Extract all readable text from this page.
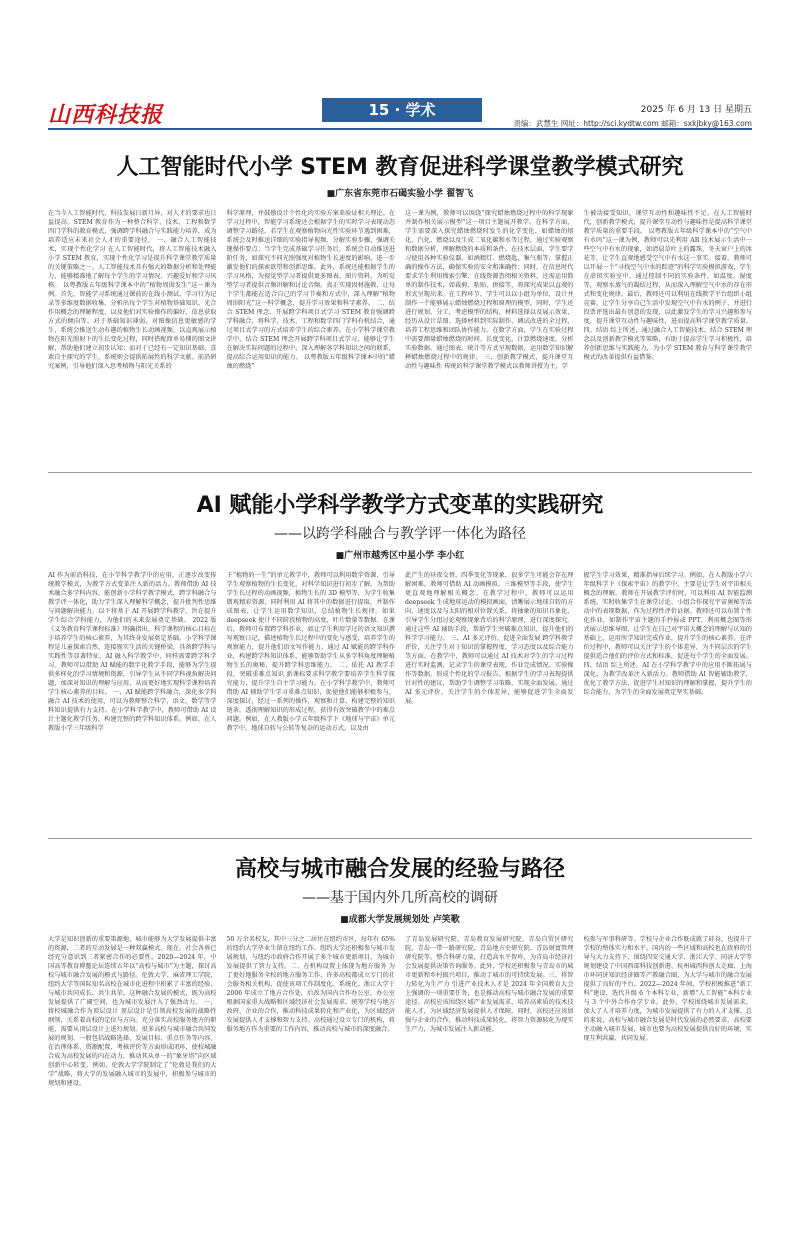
山西科技报	15 · 学术	2025 年 6 月 13 日 星期五
责编：武慧生 网址：http://sci.kydtw.com 邮箱：sxkjbky@163.com
人工智能时代小学 STEM 教育促进科学课堂教学模式研究
■广东省东莞市石碣实验小学 翟智飞
在当今人工智能时代，科技发展日新月异，对人才的要求也日益提高。STEM 教育作为一种整合科学、技术、工程和数学四门学科的教育模式，强调跨学科融合与实践能力培养，成为培养适应未来社会人才的重要途径。 一、融合人工智能技术，实现个性化学习 在人工智能时代，将人工智能技术融入小学 STEM 教育，实现个性化学习是提升科学课堂教学质量的关键策略之一。人工智能技术具有强大的数据分析和处理能力，能够精准地了解每个学生的学习情况、兴趣爱好和学习风格。 以粤教版五年级科学课本中的“植物周围发生”这一课为例。首先，智能学习系统通过课前的在线小测试、学习行为记录等多维度数据收集，分析出每个学生对植物基础知识、光合作用概念的理解程度，以及他们对实验操作的偏好、信息获取方式的倾向等。对于基础知识薄弱、对图像信息更敏感的学生，系统会推送生动有趣的植物生长动画视频，以直观展示植物在阳光照射下的生长变化过程，同时搭配简单易懂的图文讲解，帮助他们建立初步认知；而对于已经有一定知识基础、喜欢自主探究的学生，系统则会提供拓展性的科学文献、前沿研究案例，引导他们深入思考植物与阳光关系的
科学原理，并鼓励设计个性化的实验方案来验证相关理论。在学习过程中，智能学习系统还会根据学生的实时学习表现动态调整学习路径。若学生在观察植物向光性实验环节遇到困难，系统会及时推送详细的实验指导视频、分解实验步骤，强调关键操作要点；当学生完成基础学习任务后，系统会自动推送进阶任务，如探究不同光照强度对植物生长速度的影响，进一步激发他们的探索欲望和创新思维。此外，系统还能根据学生的学习风格，为视觉型学习者提供更多图表、图片资料，为听觉型学习者提供音频讲解和讨论音频。真正实现因材施教，让每个学生都能在适合自己的学习节奏和方式中，深入理解“植物周围阳光”这一科学概念，提升学习效果和科学素养。 二、结合 STEM 理念，开展跨学科项目式学习 STEM 教育强调跨学科融合，将科学、技术、工程和数学四门学科有机结合，通过项目式学习的方式培养学生的综合素养。在小学科学课堂教学中，结合 STEM 理念开展跨学科项目式学习，能够让学生在解决实际问题的过程中，深入理解各学科知识之间的联系，提高综合运用知识的能力。 以粤教版五年级科学课本中的“蜡烛的燃烧”
这一课为例，教师可以围绕“探究蜡烛燃烧过程中的科学现象并制作相关展示模型”这一项目主题展开教学。在科学方面，学生需要深入探究蜡烛燃烧时发生的化学变化，如蜡烛的熔化、汽化、燃烧以及生成二氧化碳和水等过程，通过实验观察和数据分析，理解燃烧的本质和条件。在技术层面，学生要学习使用各种实验仪器，如酒精灯、燃烧匙、集气瓶等，掌握正确的操作方法，确保实验的安全和准确性；同时，在信息时代要求学生利用搜索引擎、在线资源查阅相关资料，还需运用简单的制作技术，如裁剪、粘贴、拼接等，将探究成果以直观的形式呈现出来。在工程环节，学生可以以小组为单位，设计并制作一个能够展示蜡烛燃烧过程和原理的模型。同时，学生还进行规划、分工，考虑模型的结构、材料选择以及展示效果，经历从设计草图、选择材料到实际制作、调试改进的全过程，培养工程思维和团队协作能力。在数学方面，学生在实验过程中需要测量蜡烛燃烧的时间、长度变化，计算燃烧速度，分析实验数据，通过图表、统计等方式呈现数据，运用数学知识解释蜡烛燃烧过程中的规律。 三、创新教学模式，提升课堂互动性与趣味性 传统的科学课堂教学模式以教师讲授为主，学
生被动接受知识，课堂互动性和趣味性不足。在人工智能时代，创新教学模式，提升课堂互动性与趣味性是提高科学课堂教学质量的重要手段。 以粤教版五年级科学课本中的“空气中有水吗”这一课为例，教师可以先利用 AR 技术展示生活中一些空气中有水的现象，如清晨草叶上的露珠、冬天窗户上的冰花等，让学生直观地感受空气中有水这一事实。接着，教师可以开展一个“寻找空气中水的踪迹”的科学实验模拟游戏，学生在虚拟实验室中，通过控制不同的实验条件，如温度、湿度等，观察水蒸气的凝结过程，从而深入理解空气中水的存在形式和变化规律。最后，教师还可以利用在线教学平台组织小组竞赛，让学生分享自己生活中发现空气中有水的例子，并进行投票评选出最有创意的发现，以此激发学生的学习兴趣和参与度，提升课堂互动性与趣味性，进而提高科学课堂教学质量。 四、结语 综上所述，通过融合人工智能技术、结合 STEM 理念以及创新教学模式等策略，有助于提高学生学习积极性，培养创新思维与实践能力，为小学 STEM 教育与科学课堂教学模式的改革提供有益借鉴。
AI 赋能小学科学教学方式变革的实践研究
——以跨学科融合与教学评一体化为路径
■广州市越秀区中星小学 李小红
AI 作为前沿科技，在小学科学教学中的应用，正逐步改变传统教学模式，为教学方式变革注入新的活力。教师借助 AI 技术融合多学科内容，能创新小学科学教学模式，跨学科融合与教学评一体化，助力学生深入理解科学概念，提升批判性思维与问题解决能力。以下将基于 AI 开展跨学科教学，旨在提升学生综合学科能力，为他们的未来发展奠定基础。 2022 版《义务教育科学课程标准》明确指出，科学课程的核心目标在于培养学生的核心素养，为其终身发展奠定基础。小学科学课程是儿童探索自然、连接现实生活的关键桥梁，具备跨学科与实践性等显著特征。AI 融入科学教学中，同样需要跨学科学习。教师可以借助 AI 赋能的数字化教学手段，能够为学生提供多样化的学习情境和资源，引导学生从不同学科视角解决问题，加深对知识的理解与应用，从而更好地实现科学课程培养学生核心素养的目标。 一、AI 赋能跨学科融合，深化多学科融合 AI 技术的使用，可以为教师整合科学、语文、数学等学科知识提供有力支持。在小学科学教学中，教师可借助 AI 设计主题化教学任务，构建完整的跨学科知识体系。例如，在人教版小学三年级科学
下“植物的一生”的单元教学中，教师可以利用数字资源，引导学生观察植物的生长变化，对科学知识进行初步了解。为帮助学生长过程的动画视频，植物生长的 3D 模型等，为学生收集微观精彩资源，同时利用 AI 将其中的数据进行提取，并制作成图表，让学生运用数学知识，总结植物生长规律。如果 deepseek 使计不同阶段植物的高度，叶片数量等数据。在课后，教师可布置跨学科作业，如让学生利用学过的语文知识撰写观察日记，描述植物生长过程中的变化与感受，培养学生的观察能力，提升他们语文写作能力。通过 AI 赋能的跨学科作业，构建跨学科知识体系，能够帮助学生从多学科角度理解植物生长的奥秘，提升跨学科思维能力。 二、依托 AI 教学手段，突破重难点知识 新课标要求科学教学要培养学生科学探究能力，提升学生自主学习能力。在小学科学教学中，教师可借助 AI 辅助学生学习重难点知识，促使他们能够积极参与，深度探讨，经过一系列的操作，观察和计算，构建完整的知识链条，透彻理解知识的形成过程，获得有效突破教学中的难点问题。例如，在人教版小学五年级科学下《地球与宇宙》单元教学中，地球自转与公转等复杂的运动方式，以及由
此产生的昼夜交替，四季变化等现象，很多学生可能会存在理解困难。教师可借助 AI 动画模拟、三维模型等手段，使学生更直观地理解相关概念。在教学过程中，教师可以运用 deepseek 生成地球运动的模拟画面，清晰展示地球自转的方向、速度以及与太阳的相对位置关系，将抽象的知识具象化，引导学生分组讨论观察现象背后的科学原理，进行深度探究。通过这些 AI 辅助手段，帮助学生突破难点知识，提升他们的科学学习能力。 三、AI 多元评价，促进全面发展 跨学科教学评价，关注学生对于知识的掌握程度、学习态度以及综合能力等方面。在教学中，教师可以通过 AI 技术对学生的学习过程进行实时监测，记录学生的课堂表现、作业完成情况、实验操作等数据，形成个性化的学习报告。根据学生的学习表现提供针对性的建议，帮助学生调整学习策略，实现全面发展。通过 AI 多元评价，关注学生的个体差异，能够促进学生全面发展。
握学生学习效果，精准指导后续学习。例如，在人教版小学六年级科学下《探索宇宙》的教学中，主要是让学生对宇宙相关概念的理解。教师在开展教学评价时，可以利用 AI 智能监测系统，实时收集学生在课堂讨论、小组合作探究宇宙奥秘等活动中的表现数据，作为过程性评价证据。教师还可以布置个性化作业，如制作宇宙主题的手抄报或 PPT，利用概念图等形式展示思维导图，让学生在自己对宇宙大概念的理解与认知的基础上，运用所学知识完成作业，提升学生的核心素养。在评价过程中，教师可以关注学生的个体差异，为不同层次的学生提供适合他们的评价方式和标准，促进每个学生的全面发展。 四、结语 综上所述，AI 在小学科学教学中的应用不断拓展与深化，为教学改革注入新活力。教师借助 AI 智能辅助教学，优化了教学方法，促进学生对知识的理解和掌握，提升学生的综合能力，为学生的全面发展奠定坚实基础。
高校与城市融合发展的经验与路径
——基于国内外几所高校的调研
■成都大学发展规划处 卢笑歌
大学是知识创新的重要策源地，城市能够为大学发展提供丰富的资源，二者的互动发展是一种双赢模式。现在，社会各界已经充分意识到二者紧密合作的必要性。2020—2024 年，中国高等教育博鳌论坛连续五年以“高校与城市”为主题，探讨高校与城市融合发展的模式与路径。伦敦大学、麻省理工学院、纽约大学等国际知名高校在城市化进程中积累了丰富的经验，与城市共同成长、共生共荣。这种融合发展的模式，既为高校发展提供了广阔空间，也为城市发展注入了强劲动力。 一、将校城融合作为顶层设计 顶层设计是引领高校发展的战略性纲领，关系着高校的定位与方向。充分落实高校服务地方的职能，需要从顶层设计上进行规划。很多高校与城市融合共同发展的规划，一般包括战略选择、发展目标、重点任务等内容，在治理体系、资源配置、考核评价等方面形成闭环，使校城融合成为高校发展的内在动力，推动其从单一的“象牙塔”向区域创新中心转变。例如，伦敦大学学院制定了“伦敦是我们的大学”战略，将大学的发展融入城市的发展中，积极参与城市的规划和建设。
50 万余名校友，其中三分之二居住在纽约市区，每年有 65%的纽约大学毕业生留在纽约工作。纽约大学还积极参与城市发展规划，与纽约市政府合作开展了多个城市更新项目，为城市发展提供了智力支持。二、在机构设置上体现为地方服务 为了更好地服务全校的地方服务工作，许多高校都成立专门的社会服务相关机构，促使该项工作制度化、系统化。浙江大学于 2006 年成立了地方合作处，后改为国内合作办公室，办公室根据国家重大战略和区域经济社会发展需求，统筹学校与地方政府、企业的合作，推动科技成果转化和产业化，为区域经济发展提供人才支撑和智力支持。高校通过设立专门的机构，将服务地方作为重要的工作内容，推动高校与城市的深度融合。
了青岛发展研究院、青岛教育发展研究院、青岛自贸区研究院、青岛一带一路研究院、青岛地方史研究院、青岛财富管理研究院等，整合科研力量，打造高水平智库，为青岛市经济社会发展提供决策咨询服务。此外，学校还积极参与青岛市的城市更新和乡村振兴项目，推动了城市的可持续发展。三、将智力转化为生产力 引进产业技术人才是 2024 年全国教育大会上强调的一项重要任务，也是推动高校与城市融合发展的重要途径。高校应该围绕区域产业发展需求，培养高素质的技术技能人才，为区域经济发展提供人才保障。同时，高校还应该加强与企业的合作，推动科技成果转化，将智力资源转化为现实生产力，为城市发展注入新动能。
校参与军事科研等。学校与企业合作既成就了硅谷，也提升了学校的整体实力和水平。国内的一些区域和高校也在政府的引导与大力支持下，围绕四安交通大学、浙江大学、同济大学等规划建设了中国西部科技创新港、杭州城西科创大走廊、上海市环同济知识经济圈等产教融合圈，为大学与城市的融合发展提供了良好的平台。2022—2024 年间，学校积极推进“新工科”建设，选代升级 6 个本科专业，新增“人工智能”本科专业与 3 个中外合作办学专业。此外，学校围绕城市发展需求，加大了人才培养力度，为城市发展提供了有力的人才支撑。总的来说，高校与城市融合发展是时代发展的必然要求，高校要主动融入城市发展，城市也要为高校发展提供良好的环境，实现互利共赢、共同发展。
